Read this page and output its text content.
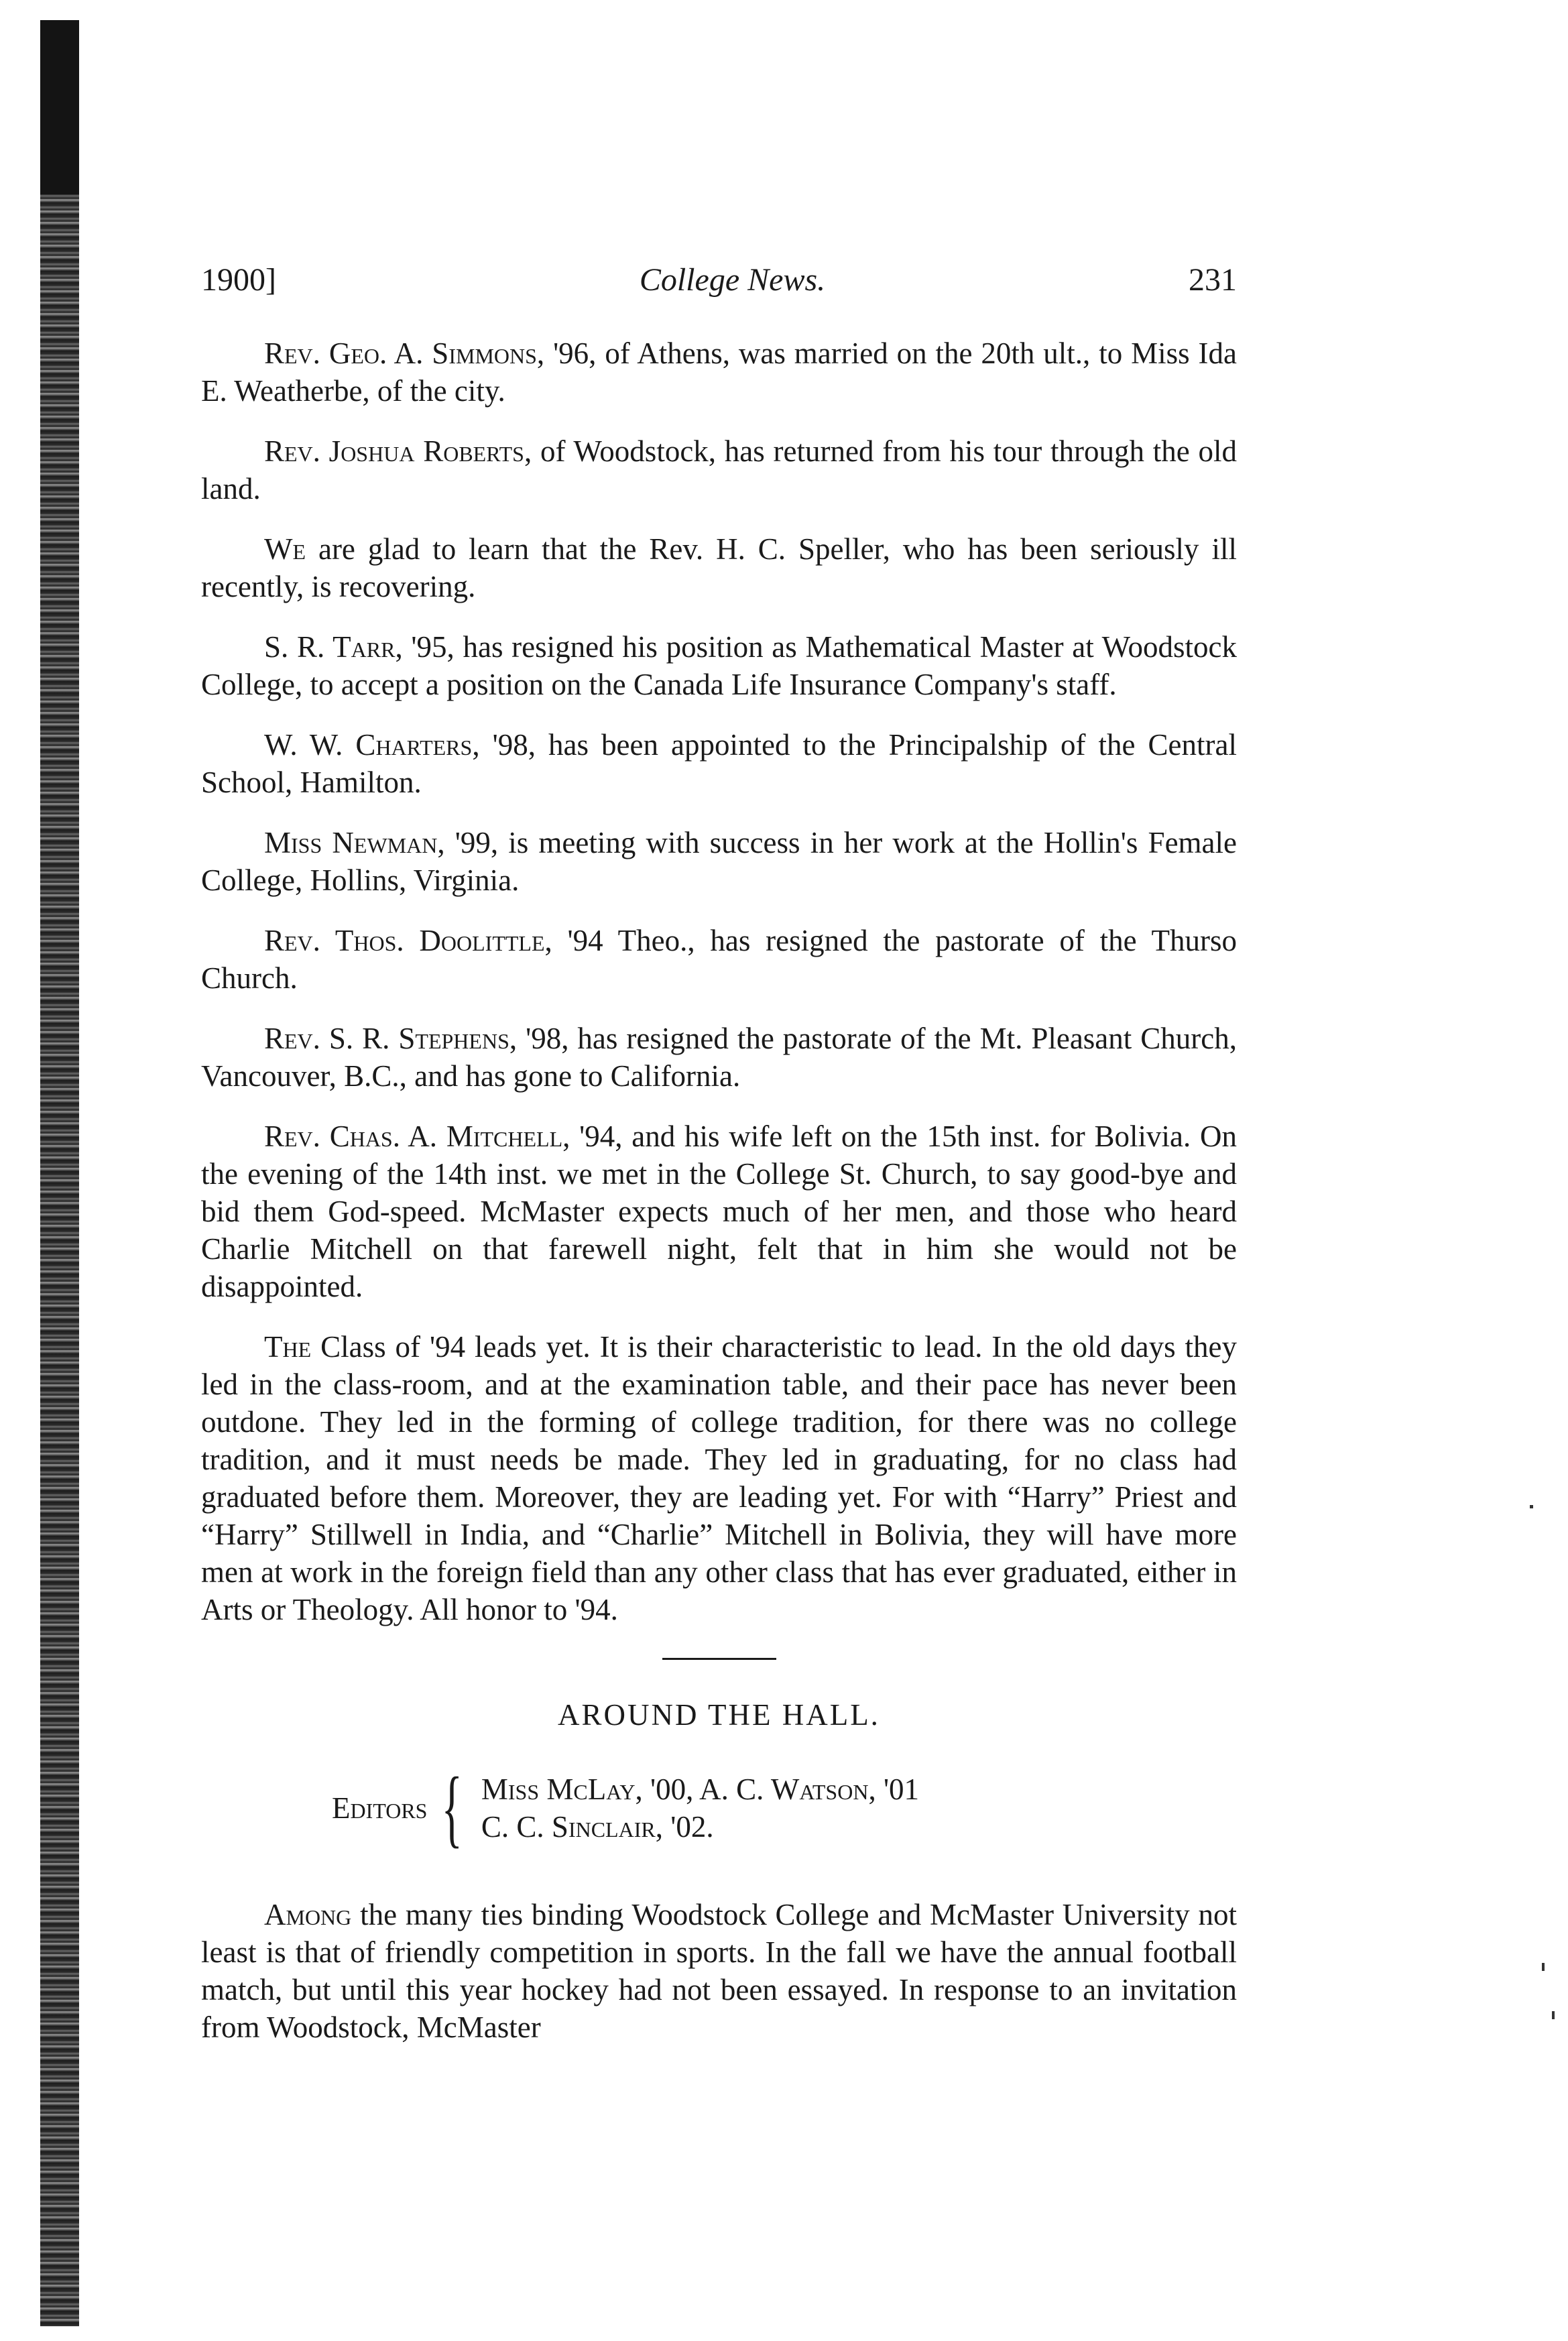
1900]	College News.	231

Rev. Geo. A. Simmons, '96, of Athens, was married on the 20th ult., to Miss Ida E. Weatherbe, of the city.

Rev. Joshua Roberts, of Woodstock, has returned from his tour through the old land.

We are glad to learn that the Rev. H. C. Speller, who has been seriously ill recently, is recovering.

S. R. Tarr, '95, has resigned his position as Mathematical Master at Woodstock College, to accept a position on the Canada Life Insurance Company's staff.

W. W. Charters, '98, has been appointed to the Principalship of the Central School, Hamilton.

Miss Newman, '99, is meeting with success in her work at the Hollin's Female College, Hollins, Virginia.

Rev. Thos. Doolittle, '94 Theo., has resigned the pastorate of the Thurso Church.

Rev. S. R. Stephens, '98, has resigned the pastorate of the Mt. Pleasant Church, Vancouver, B.C., and has gone to California.

Rev. Chas. A. Mitchell, '94, and his wife left on the 15th inst. for Bolivia. On the evening of the 14th inst. we met in the College St. Church, to say good-bye and bid them God-speed. McMaster expects much of her men, and those who heard Charlie Mitchell on that farewell night, felt that in him she would not be disappointed.

The Class of '94 leads yet. It is their characteristic to lead. In the old days they led in the class-room, and at the examination table, and their pace has never been outdone. They led in the forming of college tradition, for there was no college tradition, and it must needs be made. They led in graduating, for no class had graduated before them. Moreover, they are leading yet. For with “Harry” Priest and “Harry” Stillwell in India, and “Charlie” Mitchell in Bolivia, they will have more men at work in the foreign field than any other class that has ever graduated, either in Arts or Theology. All honor to '94.

AROUND THE HALL.
Editors { Miss McLay, '00, A. C. Watson, '01
C. C. Sinclair, '02.

Among the many ties binding Woodstock College and McMaster University not least is that of friendly competition in sports. In the fall we have the annual football match, but until this year hockey had not been essayed. In response to an invitation from Woodstock, McMaster
